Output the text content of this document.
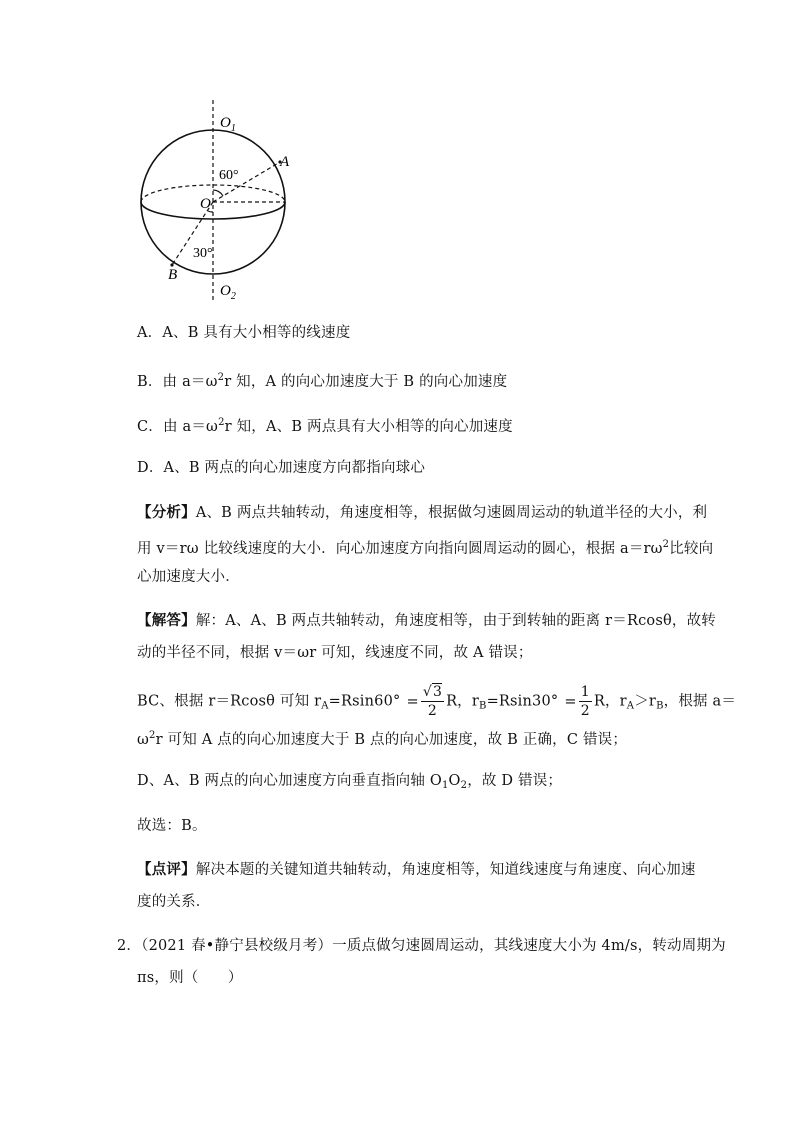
$O_1$
A
60°
O
30°
B
$O_2$
A．A、B 具有大小相等的线速度
B．由 $a=\omega^2r$ 知，A 的向心加速度大于 B 的向心加速度
C．由 $a=\omega^2r$ 知，A、B 两点具有大小相等的向心加速度
D．A、B 两点的向心加速度方向都指向球心
【分析】A、B 两点共轴转动，角速度相等，根据做匀速圆周运动的轨道半径的大小，利
用 v＝rω 比较线速度的大小．向心加速度方向指向圆周运动的圆心，根据 $a=r\omega^2$比较向
心加速度大小．
【解答】解：A、A、B 两点共轴转动，角速度相等，由于到转轴的距离 r＝Rcosθ，故转
动的半径不同，根据 v＝ωr 可知，线速度不同，故 A 错误；
BC、根据 r＝Rcosθ 可知 $r_A=Rsin60^\circ = \frac{√3}{2}$ R，$r_B=Rsin30^\circ = \frac{1}{2}$ R，$r_A>r_B$，根据 a＝
$\omega^2r$ 可知 A 点的向心加速度大于 B 点的向心加速度，故 B 正确，C 错误；
D、A、B 两点的向心加速度方向垂直指向轴 $O_1O_2$，故 D 错误；
故选：B。
【点评】解决本题的关键知道共轴转动，角速度相等，知道线速度与角速度、向心加速
度的关系．
2．（2021 春•静宁县校级月考）一质点做匀速圆周运动，其线速度大小为 4m/s，转动周期为
πs，则（　　）
